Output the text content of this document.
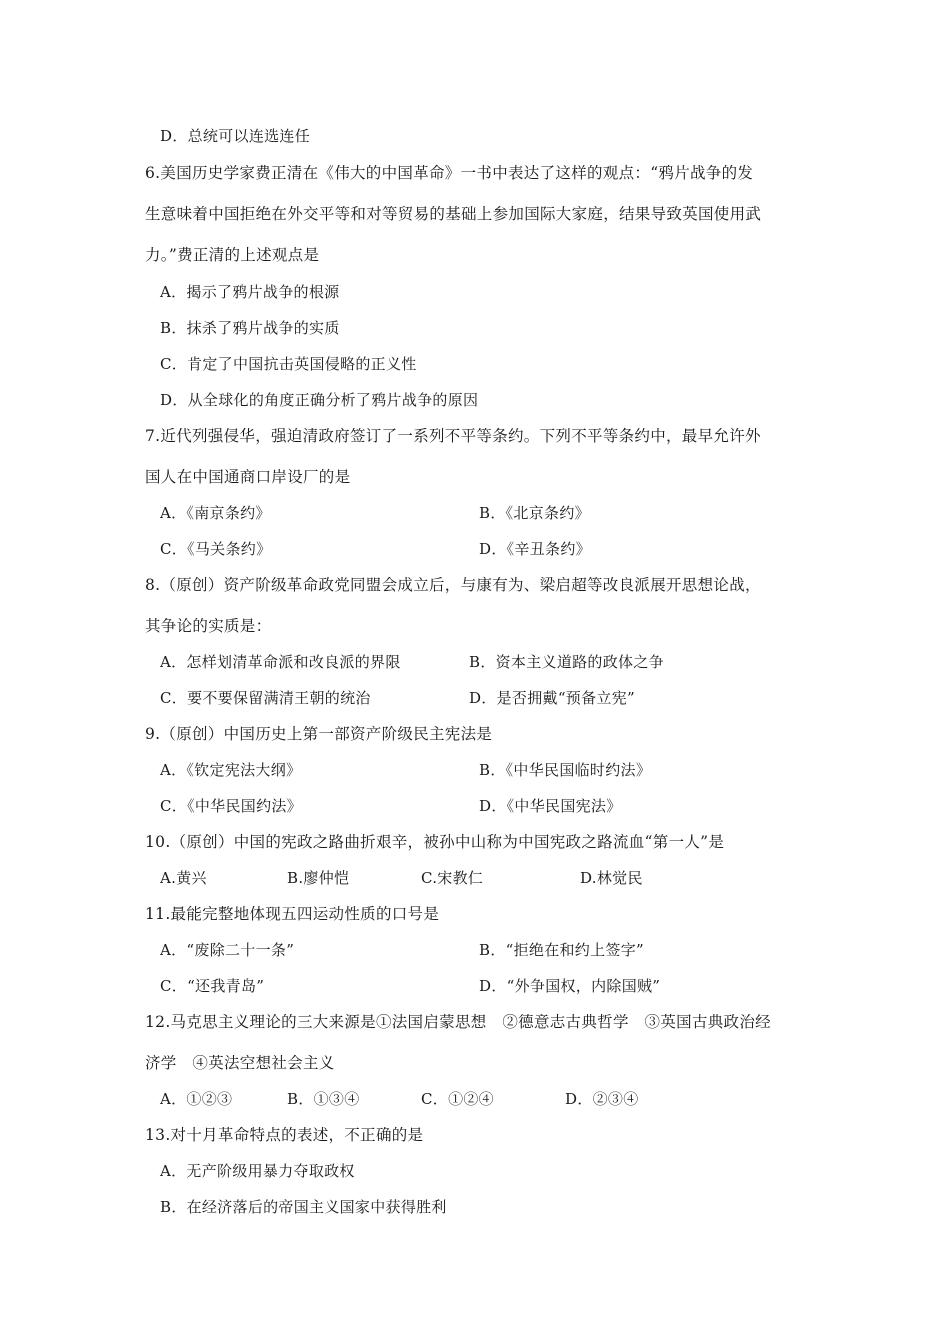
D．总统可以连选连任
6.美国历史学家费正清在《伟大的中国革命》一书中表达了这样的观点：“鸦片战争的发
生意味着中国拒绝在外交平等和对等贸易的基础上参加国际大家庭，结果导致英国使用武
力。”费正清的上述观点是
A．揭示了鸦片战争的根源
B．抹杀了鸦片战争的实质
C．肯定了中国抗击英国侵略的正义性
D．从全球化的角度正确分析了鸦片战争的原因
7.近代列强侵华，强迫清政府签订了一系列不平等条约。下列不平等条约中，最早允许外
国人在中国通商口岸设厂的是
A．《南京条约》	B．《北京条约》
C．《马关条约》	D．《辛丑条约》
8.（原创）资产阶级革命政党同盟会成立后，与康有为、梁启超等改良派展开思想论战，
其争论的实质是：
A．怎样划清革命派和改良派的界限	B．资本主义道路的政体之争
C．要不要保留满清王朝的统治	D．是否拥戴“预备立宪”
9.（原创）中国历史上第一部资产阶级民主宪法是
A．《钦定宪法大纲》	B．《中华民国临时约法》
C．《中华民国约法》	D．《中华民国宪法》
10.（原创）中国的宪政之路曲折艰辛，被孙中山称为中国宪政之路流血“第一人”是
A.黄兴	B.廖仲恺	C.宋教仁	D.林觉民
11.最能完整地体现五四运动性质的口号是
A．“废除二十一条”	B．“拒绝在和约上签字”
C．“还我青岛”	D．“外争国权，内除国贼”
12.马克思主义理论的三大来源是①法国启蒙思想　②德意志古典哲学　③英国古典政治经
济学　④英法空想社会主义
A．①②③	B．①③④	C．①②④	D．②③④
13.对十月革命特点的表述，不正确的是
A．无产阶级用暴力夺取政权
B．在经济落后的帝国主义国家中获得胜利
